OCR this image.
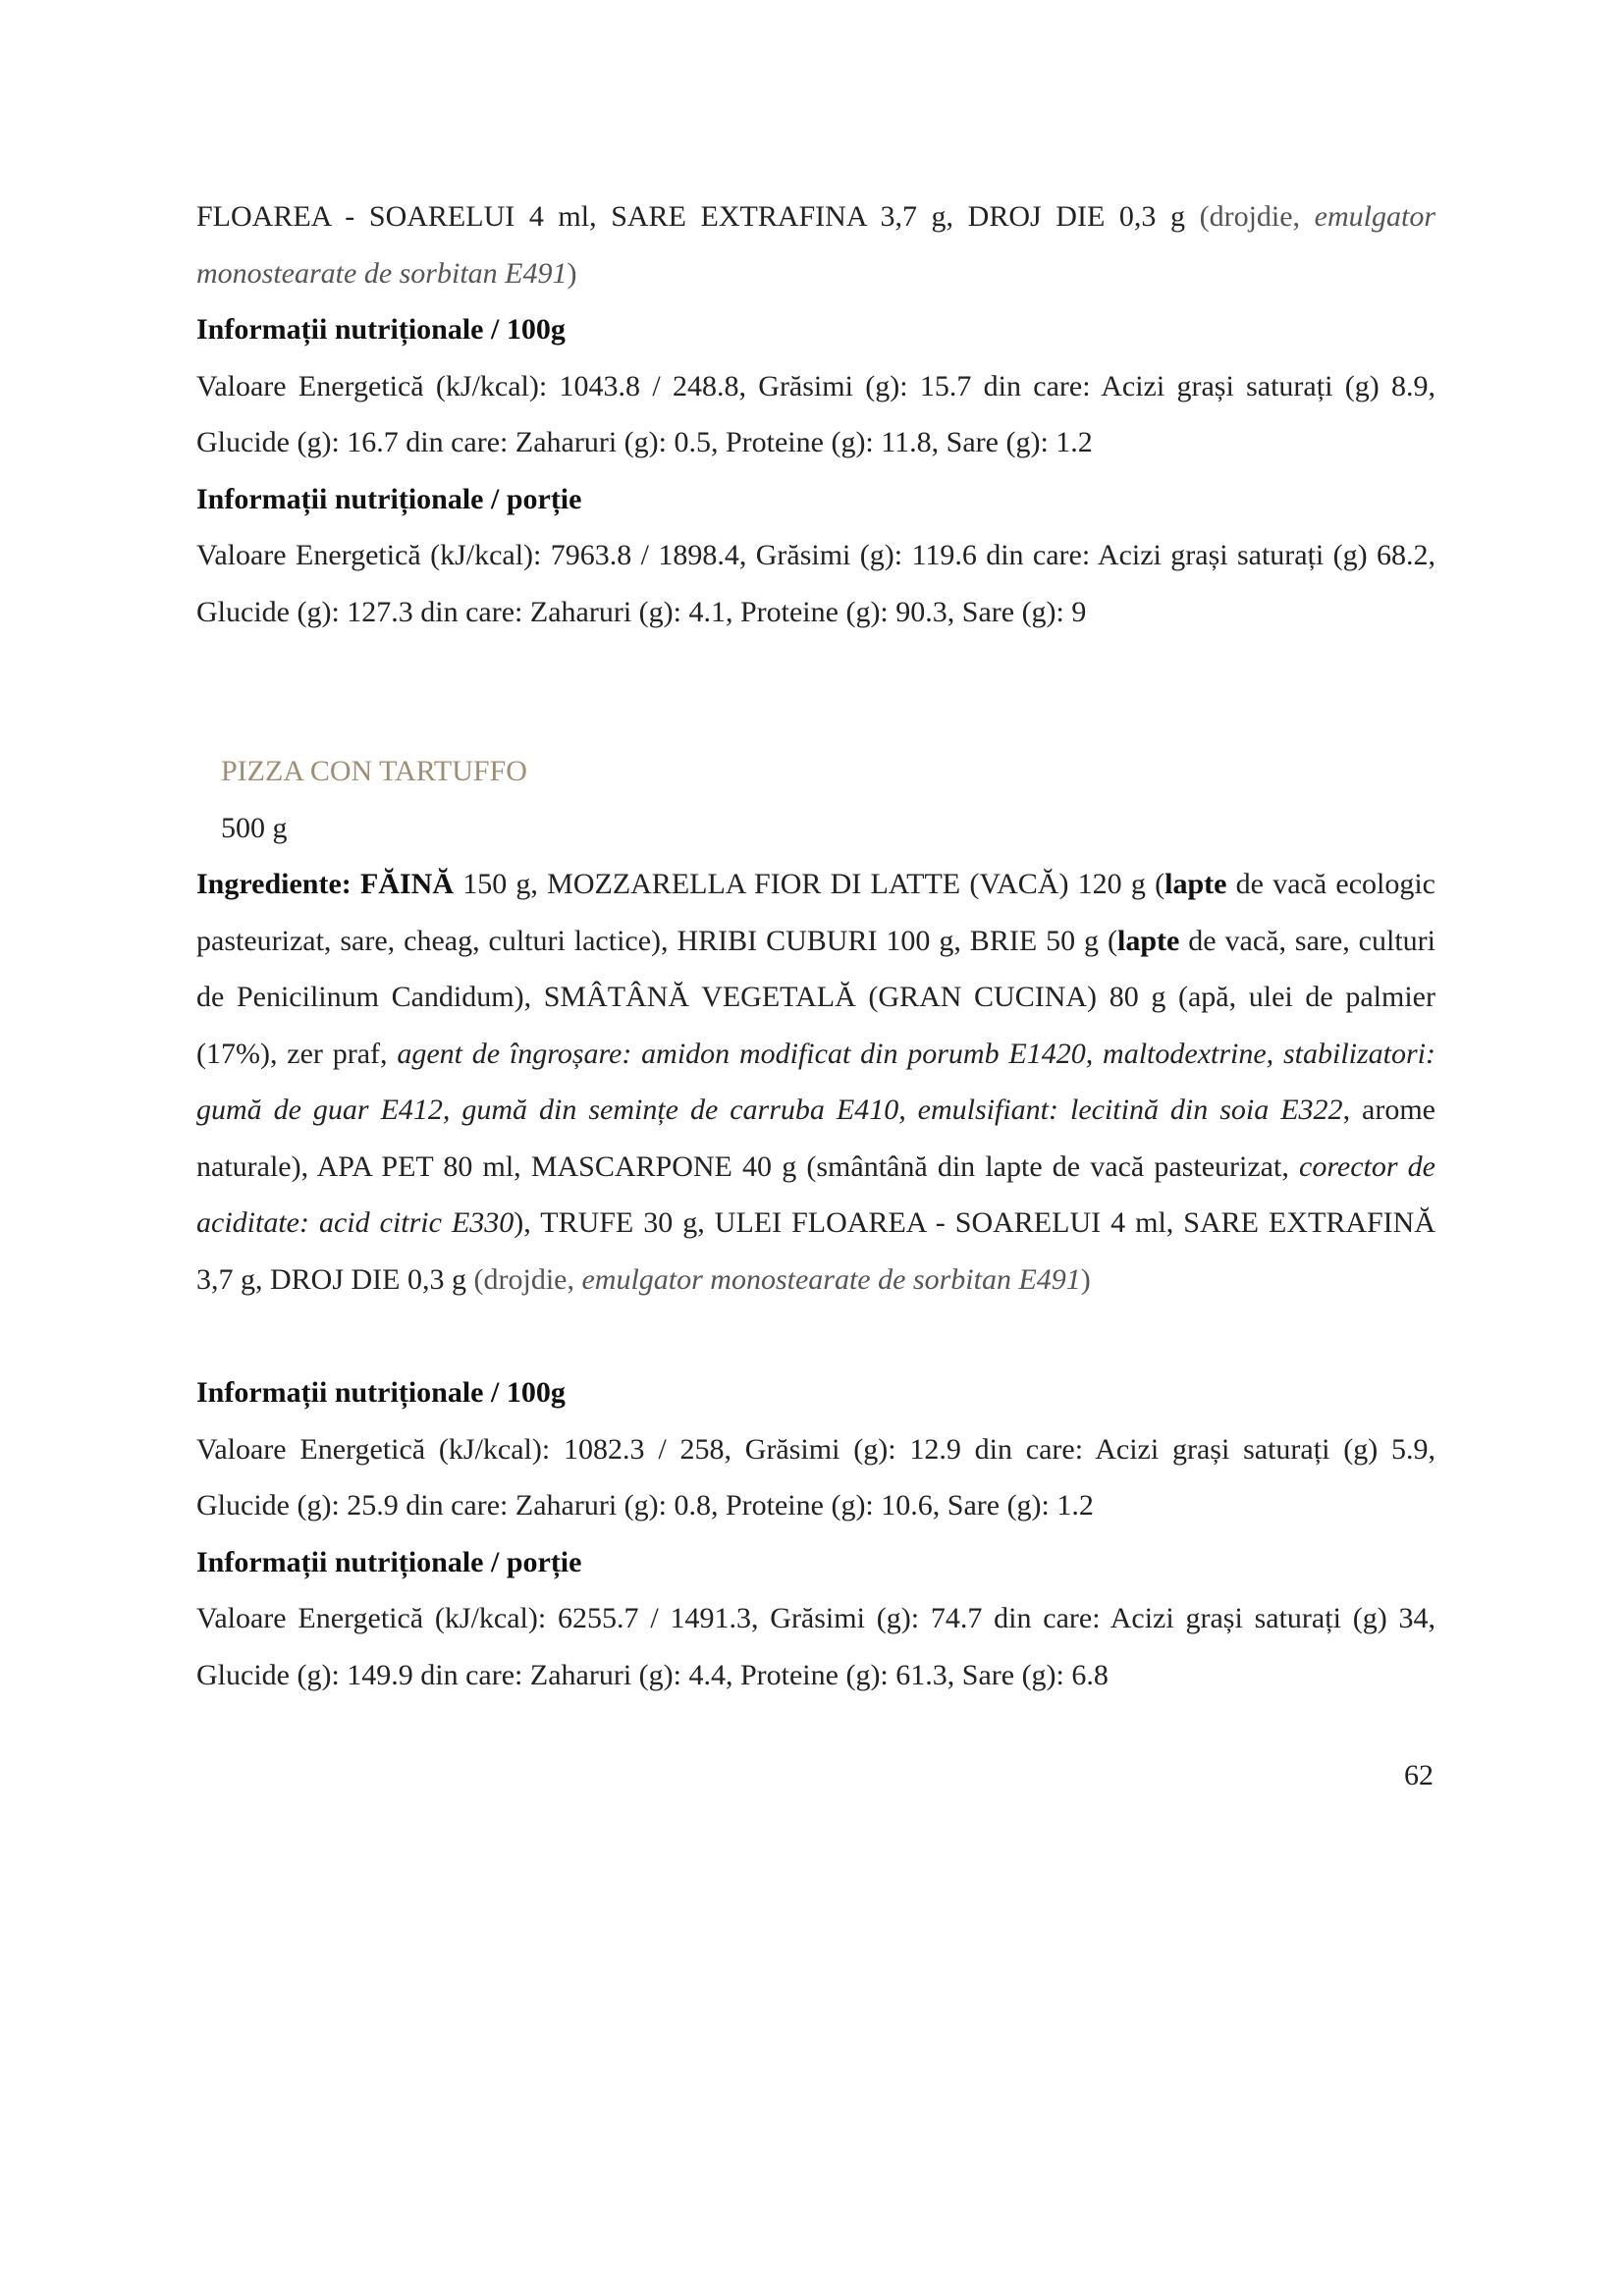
FLOAREA - SOARELUI 4 ml, SARE EXTRAFINA 3,7 g, DROJ DIE 0,3 g (drojdie, emulgator monostearate de sorbitan E491)

Informații nutriționale / 100g

Valoare Energetică (kJ/kcal): 1043.8 / 248.8, Grăsimi (g): 15.7 din care: Acizi grași saturați (g) 8.9, Glucide (g): 16.7 din care: Zaharuri (g): 0.5, Proteine (g): 11.8, Sare (g): 1.2

Informații nutriționale / porție

Valoare Energetică (kJ/kcal): 7963.8 / 1898.4, Grăsimi (g): 119.6 din care: Acizi grași saturați (g) 68.2, Glucide (g): 127.3 din care: Zaharuri (g): 4.1, Proteine (g): 90.3, Sare (g): 9

PIZZA CON TARTUFFO

500 g

Ingrediente: FĂINĂ 150 g, MOZZARELLA FIOR DI LATTE (VACĂ) 120 g (lapte de vacă ecologic pasteurizat, sare, cheag, culturi lactice), HRIBI CUBURI 100 g, BRIE 50 g (lapte de vacă, sare, culturi de Penicilinum Candidum), SMÂTÂNĂ VEGETALĂ (GRAN CUCINA) 80 g (apă, ulei de palmier (17%), zer praf, agent de îngroșare: amidon modificat din porumb E1420, maltodextrine, stabilizatori: gumă de guar E412, gumă din semințe de carruba E410, emulsifiant: lecitină din soia E322, arome naturale), APA PET 80 ml, MASCARPONE 40 g (smântână din lapte de vacă pasteurizat, corector de aciditate: acid citric E330), TRUFE 30 g, ULEI FLOAREA - SOARELUI 4 ml, SARE EXTRAFINĂ 3,7 g, DROJ DIE 0,3 g (drojdie, emulgator monostearate de sorbitan E491)

Informații nutriționale / 100g

Valoare Energetică (kJ/kcal): 1082.3 / 258, Grăsimi (g): 12.9 din care: Acizi grași saturați (g) 5.9, Glucide (g): 25.9 din care: Zaharuri (g): 0.8, Proteine (g): 10.6, Sare (g): 1.2

Informații nutriționale / porție

Valoare Energetică (kJ/kcal): 6255.7 / 1491.3, Grăsimi (g): 74.7 din care: Acizi grași saturați (g) 34, Glucide (g): 149.9 din care: Zaharuri (g): 4.4, Proteine (g): 61.3, Sare (g): 6.8

62
